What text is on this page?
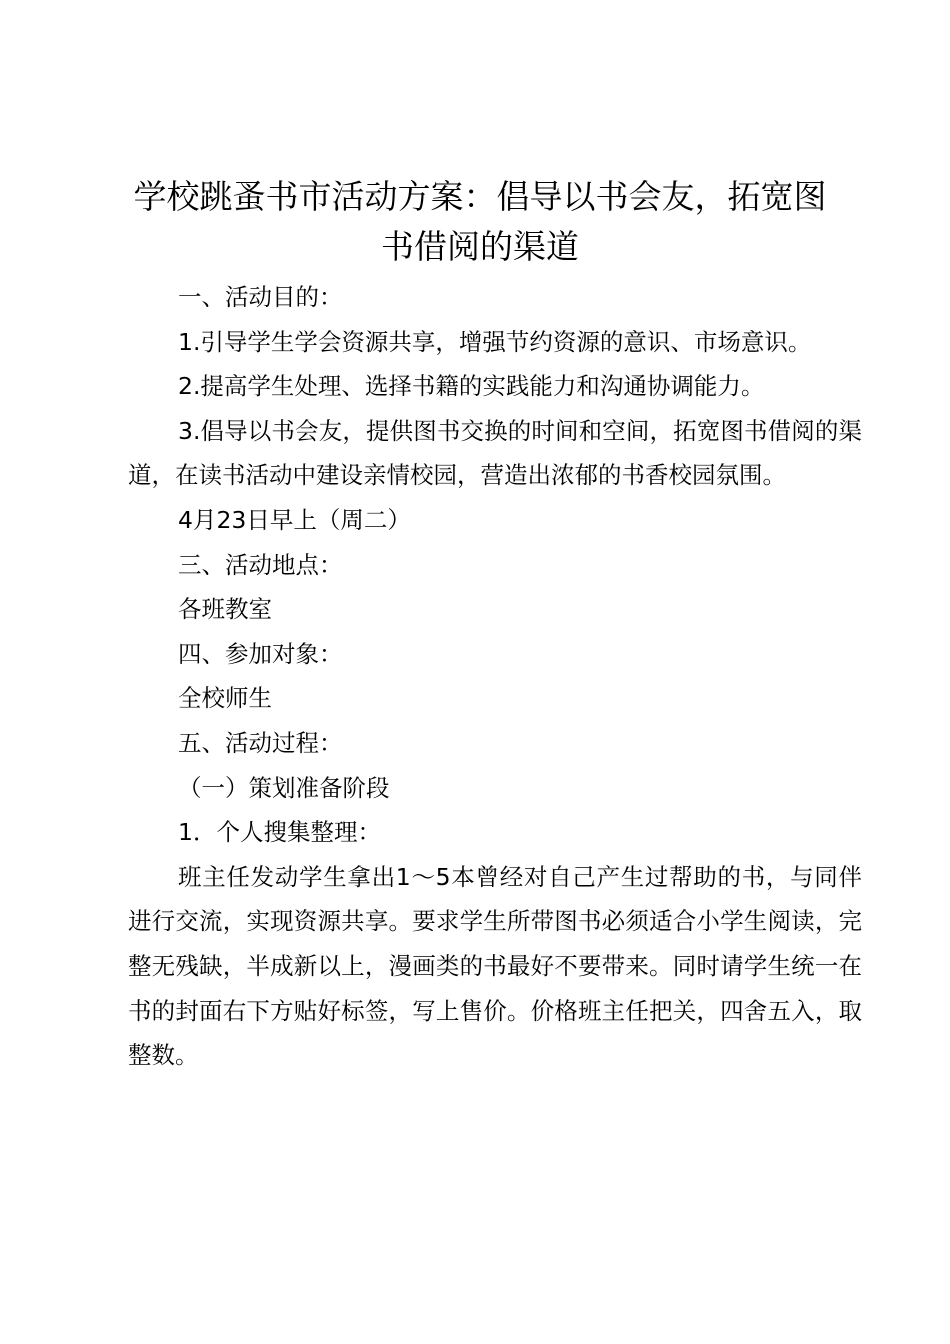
学校跳蚤书市活动方案：倡导以书会友，拓宽图书借阅的渠道

一、活动目的：

1.引导学生学会资源共享，增强节约资源的意识、市场意识。

2.提高学生处理、选择书籍的实践能力和沟通协调能力。

3.倡导以书会友，提供图书交换的时间和空间，拓宽图书借阅的渠道，在读书活动中建设亲情校园，营造出浓郁的书香校园氛围。

4月23日早上（周二）

三、活动地点：

各班教室

四、参加对象：

全校师生

五、活动过程：

（一）策划准备阶段

1．个人搜集整理：

班主任发动学生拿出1～5本曾经对自己产生过帮助的书，与同伴进行交流，实现资源共享。要求学生所带图书必须适合小学生阅读，完整无残缺，半成新以上，漫画类的书最好不要带来。同时请学生统一在书的封面右下方贴好标签，写上售价。价格班主任把关，四舍五入，取整数。
